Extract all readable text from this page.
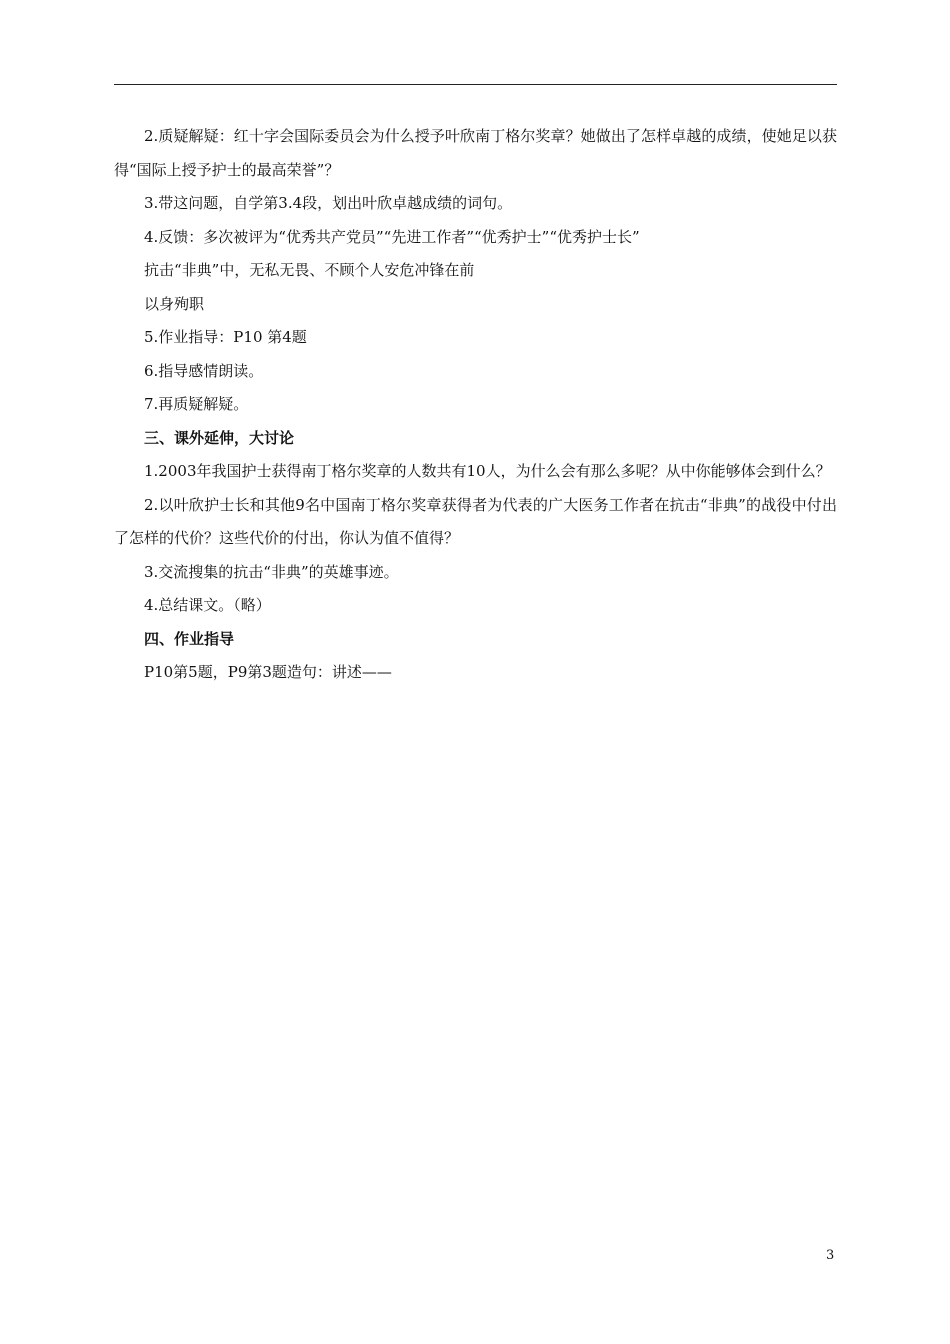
2.质疑解疑：红十字会国际委员会为什么授予叶欣南丁格尔奖章？她做出了怎样卓越的成绩，使她足以获得“国际上授予护士的最高荣誉”？

3.带这问题，自学第3.4段，划出叶欣卓越成绩的词句。

4.反馈：多次被评为“优秀共产党员”“先进工作者”“优秀护士”“优秀护士长”

抗击“非典”中，无私无畏、不顾个人安危冲锋在前

以身殉职

5.作业指导：P10 第4题

6.指导感情朗读。

7.再质疑解疑。

三、课外延伸，大讨论

1.2003年我国护士获得南丁格尔奖章的人数共有10人，为什么会有那么多呢？从中你能够体会到什么？

2.以叶欣护士长和其他9名中国南丁格尔奖章获得者为代表的广大医务工作者在抗击“非典”的战役中付出了怎样的代价？这些代价的付出，你认为值不值得？

3.交流搜集的抗击“非典”的英雄事迹。

4.总结课文。（略）

四、作业指导

P10第5题，P9第3题造句：讲述——

3
